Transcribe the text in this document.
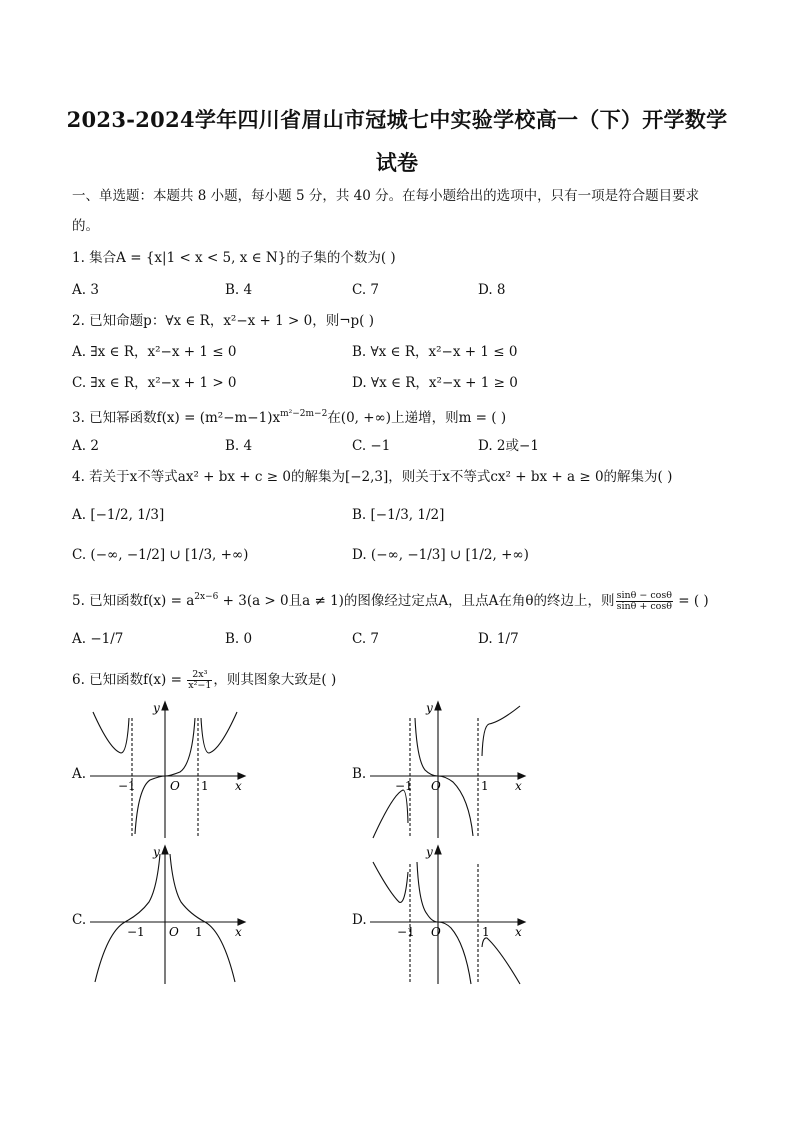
2023-2024学年四川省眉山市冠城七中实验学校高一（下）开学数学
试卷
一、单选题：本题共 8 小题，每小题 5 分，共 40 分。在每小题给出的选项中，只有一项是符合题目要求
的。
1. 集合A = {x|1 < x < 5, x ∈ N}的子集的个数为( )
A. 3	B. 4	C. 7	D. 8
2. 已知命题p：∀x ∈ R，x²−x + 1 > 0，则¬p( )
A. ∃x ∈ R，x²−x + 1 ≤ 0	B. ∀x ∈ R，x²−x + 1 ≤ 0
C. ∃x ∈ R，x²−x + 1 > 0	D. ∀x ∈ R，x²−x + 1 ≥ 0
3. 已知幂函数$f(x) = (m^2-m-1)x^{m^2-2m-2}$在(0, +∞)上递增，则m = ( )
A. 2	B. 4	C. −1	D. 2或−1
4. 若关于x不等式ax² + bx + c ≥ 0的解集为[−2,3]，则关于x不等式cx² + bx + a ≥ 0的解集为( )
A. [−1/2, 1/3]	B. [−1/3, 1/2]
C. (−∞, −1/2] ∪ [1/3, +∞)	D. (−∞, −1/3] ∪ [1/2, +∞)
5. 已知函数$f(x) = a^{2x-6} + 3(a > 0$且a ≠ 1)的图像经过定点A，且点A在角θ的终边上，则 $\frac{\sin\theta - \cos\theta}{\sin\theta + \cos\theta}$ = ( )
A. −1/7	B. 0	C. 7	D. 1/7
6. 已知函数$f(x) = \frac{\text{2x³}}{\text{x²−1}}$ ，则其图象大致是( )
A.	B.
C.	D.
−1	O 1 x
y
−1 O	1 x
y
−1 O 1	x
y
−1 O	1 x
y
